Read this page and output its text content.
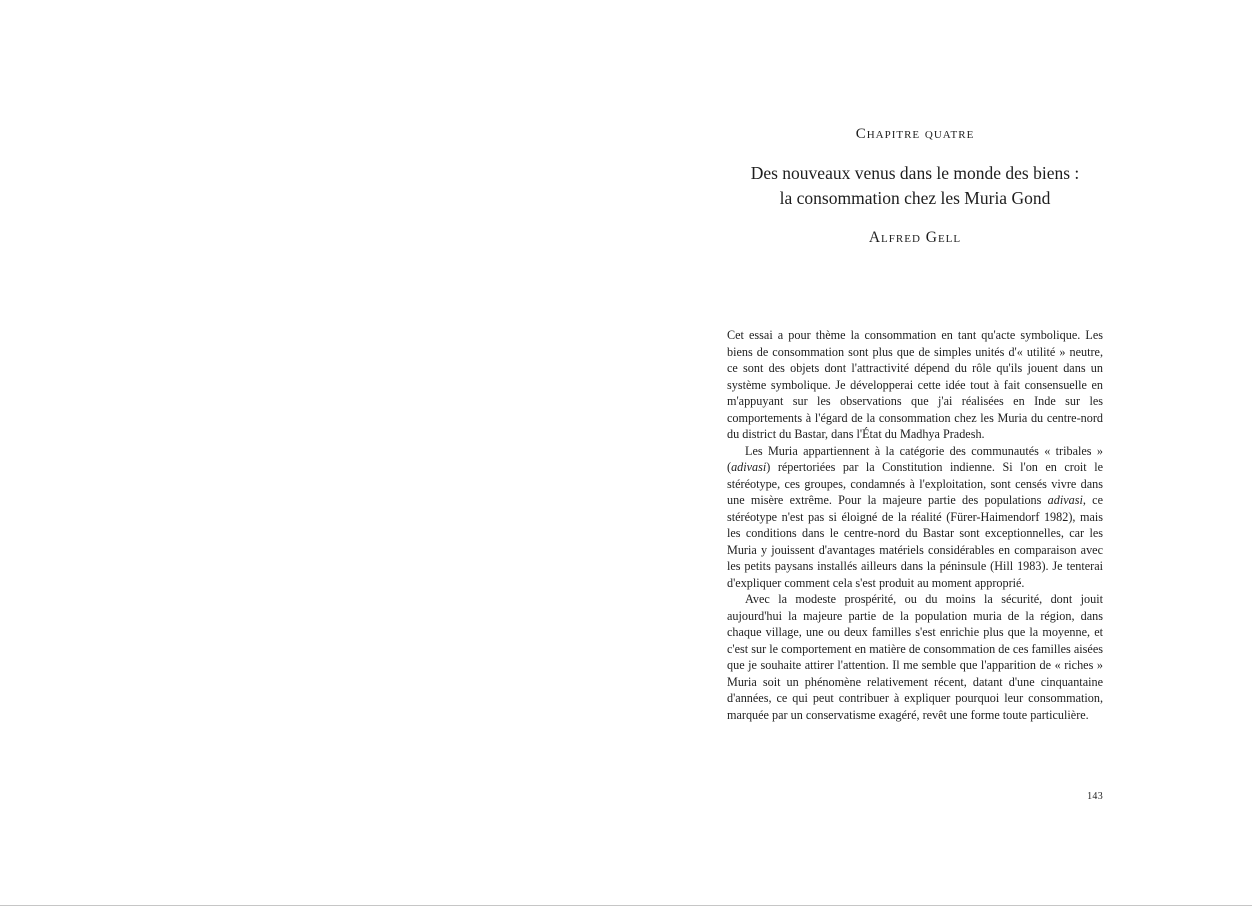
Chapitre quatre
Des nouveaux venus dans le monde des biens :
la consommation chez les Muria Gond
Alfred Gell

Cet essai a pour thème la consommation en tant qu'acte symbolique. Les biens de consommation sont plus que de simples unités d'« utilité » neutre, ce sont des objets dont l'attractivité dépend du rôle qu'ils jouent dans un système symbolique. Je développerai cette idée tout à fait consensuelle en m'appuyant sur les observations que j'ai réalisées en Inde sur les comportements à l'égard de la consommation chez les Muria du centre-nord du district du Bastar, dans l'État du Madhya Pradesh.

Les Muria appartiennent à la catégorie des communautés « tribales » (adivasi) répertoriées par la Constitution indienne. Si l'on en croit le stéréotype, ces groupes, condamnés à l'exploitation, sont censés vivre dans une misère extrême. Pour la majeure partie des populations adivasi, ce stéréotype n'est pas si éloigné de la réalité (Fürer-Haimendorf 1982), mais les conditions dans le centre-nord du Bastar sont exceptionnelles, car les Muria y jouissent d'avantages matériels considérables en comparaison avec les petits paysans installés ailleurs dans la péninsule (Hill 1983). Je tenterai d'expliquer comment cela s'est produit au moment approprié.

Avec la modeste prospérité, ou du moins la sécurité, dont jouit aujourd'hui la majeure partie de la population muria de la région, dans chaque village, une ou deux familles s'est enrichie plus que la moyenne, et c'est sur le comportement en matière de consommation de ces familles aisées que je souhaite attirer l'attention. Il me semble que l'apparition de « riches » Muria soit un phénomène relativement récent, datant d'une cinquantaine d'années, ce qui peut contribuer à expliquer pourquoi leur consommation, marquée par un conservatisme exagéré, revêt une forme toute particulière.

143
